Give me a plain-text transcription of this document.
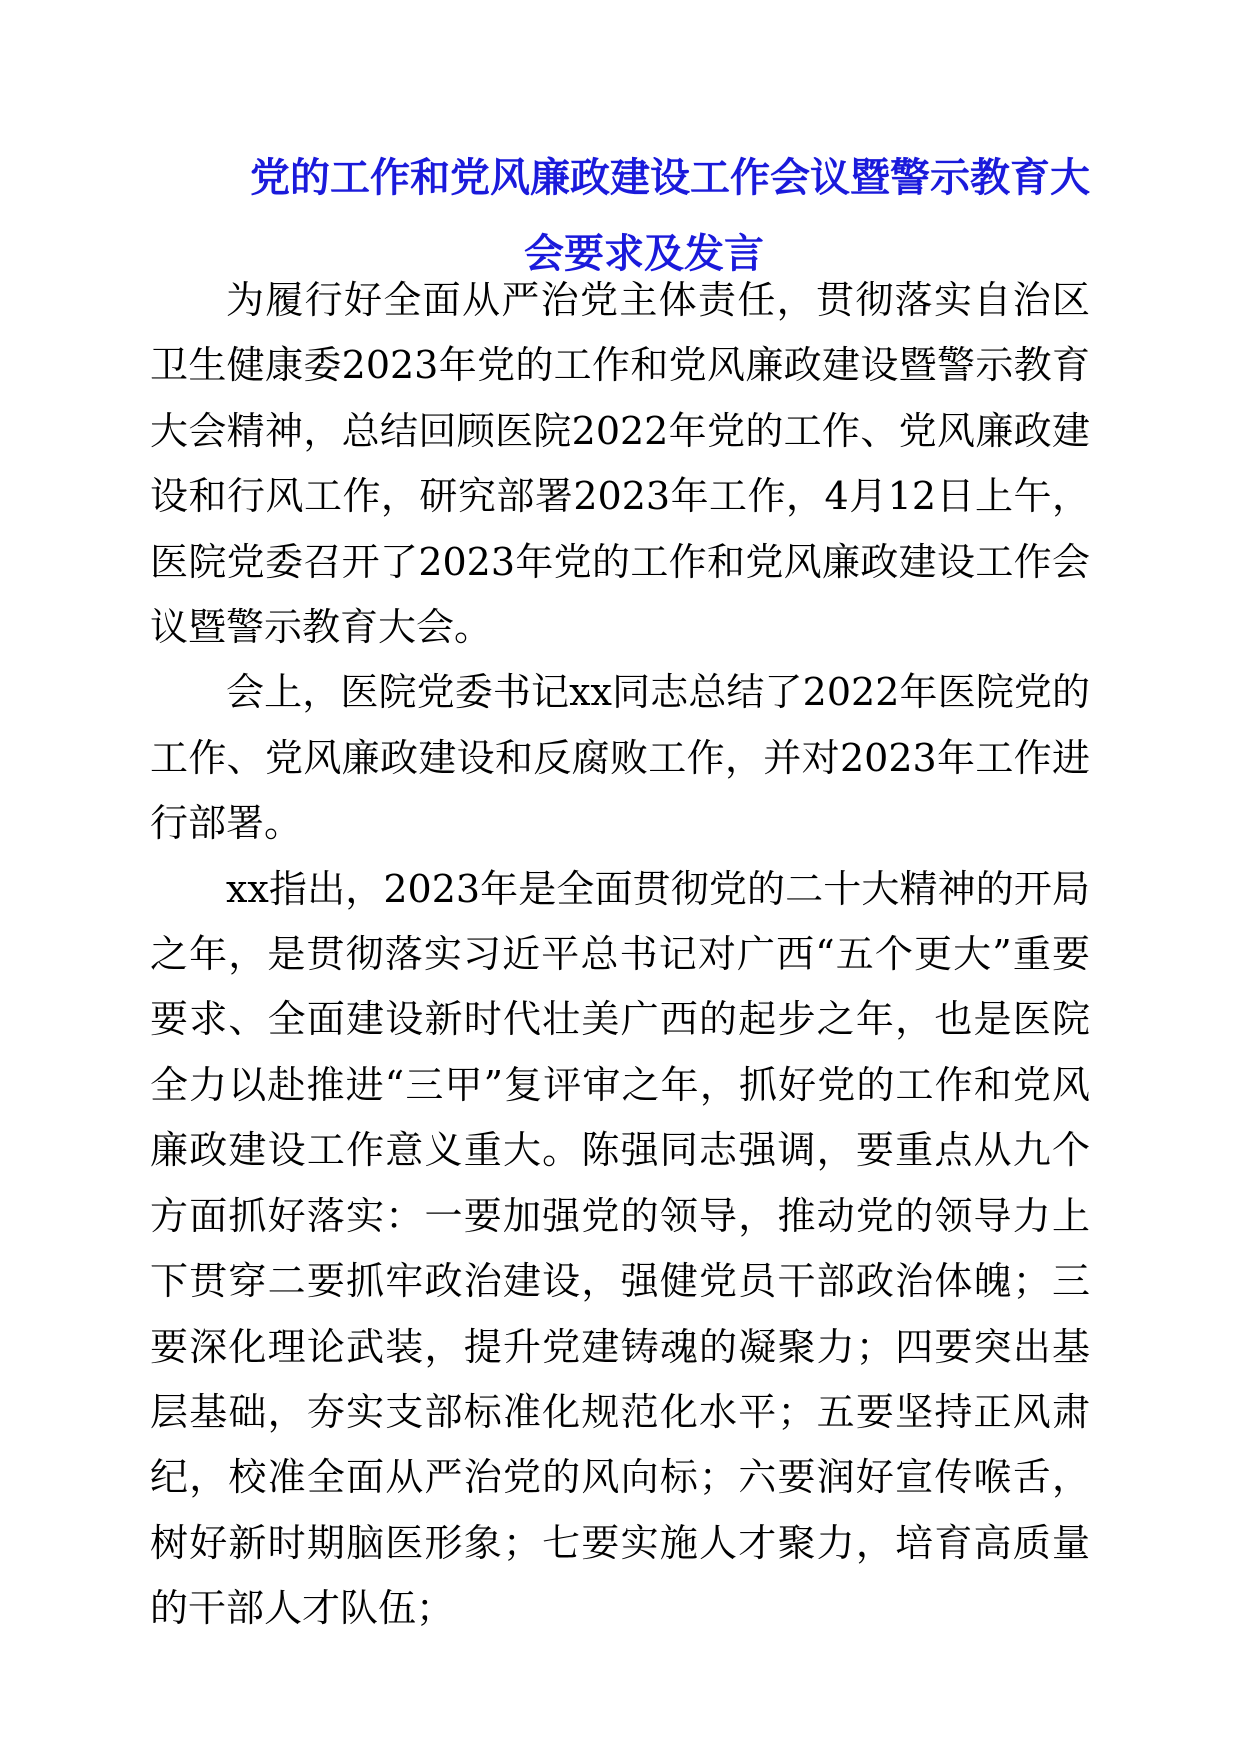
党的工作和党风廉政建设工作会议暨警示教育大
会要求及发言

为履行好全面从严治党主体责任，贯彻落实自治区卫生健康委2023年党的工作和党风廉政建设暨警示教育大会精神，总结回顾医院2022年党的工作、党风廉政建设和行风工作，研究部署2023年工作，4月12日上午，医院党委召开了2023年党的工作和党风廉政建设工作会议暨警示教育大会。

会上，医院党委书记xx同志总结了2022年医院党的工作、党风廉政建设和反腐败工作，并对2023年工作进行部署。

xx指出，2023年是全面贯彻党的二十大精神的开局之年，是贯彻落实习近平总书记对广西“五个更大”重要要求、全面建设新时代壮美广西的起步之年，也是医院全力以赴推进“三甲”复评审之年，抓好党的工作和党风廉政建设工作意义重大。陈强同志强调，要重点从九个方面抓好落实：一要加强党的领导，推动党的领导力上下贯穿二要抓牢政治建设，强健党员干部政治体魄；三要深化理论武装，提升党建铸魂的凝聚力；四要突出基层基础，夯实支部标准化规范化水平；五要坚持正风肃纪，校准全面从严治党的风向标；六要润好宣传喉舌，树好新时期脑医形象；七要实施人才聚力，培育高质量的干部人才队伍；
